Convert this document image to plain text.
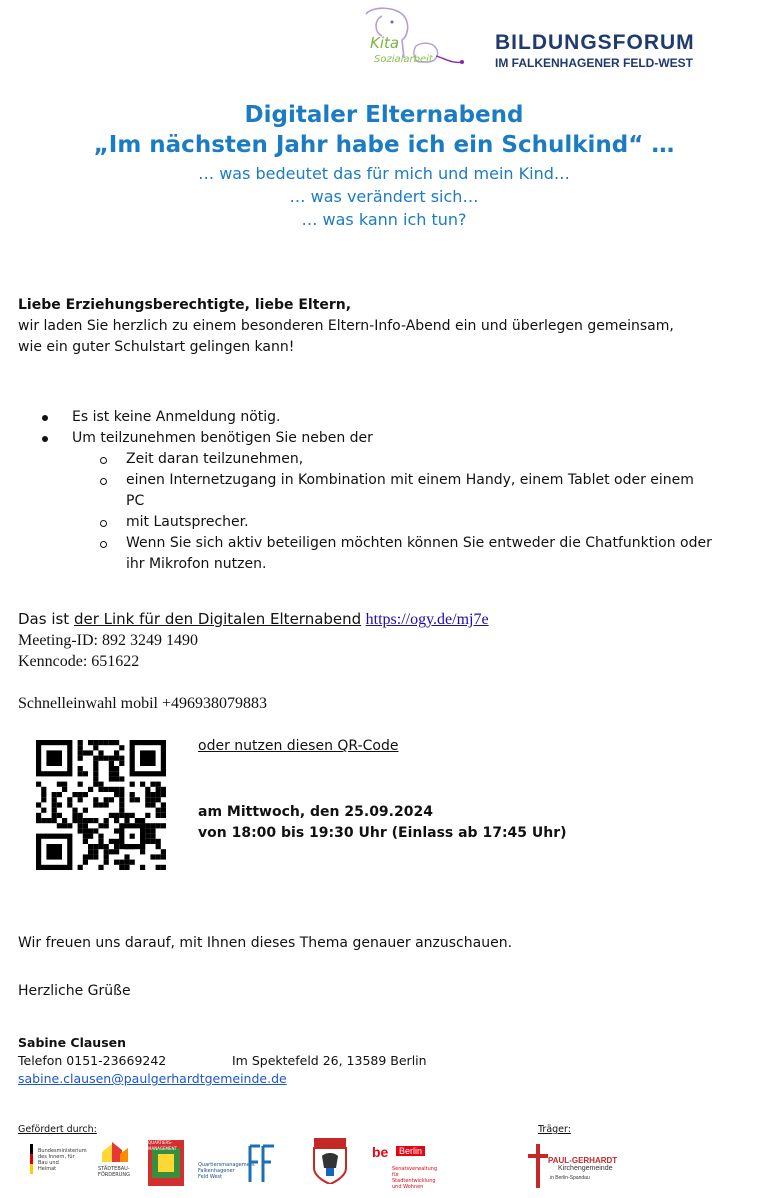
Kita
Sozialarbeit
BILDUNGSFORUM
IM FALKENHAGENER FELD-WEST
Digitaler Elternabend
„Im nächsten Jahr habe ich ein Schulkind“ …
… was bedeutet das für mich und mein Kind…
… was verändert sich…
… was kann ich tun?
Liebe Erziehungsberechtigte, liebe Eltern,
wir laden Sie herzlich zu einem besonderen Eltern-Info-Abend ein und überlegen gemeinsam,
wie ein guter Schulstart gelingen kann!
Es ist keine Anmeldung nötig.
Um teilzunehmen benötigen Sie neben der
Zeit daran teilzunehmen,
einen Internetzugang in Kombination mit einem Handy, einem Tablet oder einem
PC
mit Lautsprecher.
Wenn Sie sich aktiv beteiligen möchten können Sie entweder die Chatfunktion oder
ihr Mikrofon nutzen.
Das ist der Link für den Digitalen Elternabend https://ogy.de/mj7e
Meeting-ID: 892 3249 1490
Kenncode: 651622
Schnelleinwahl mobil +496938079883
oder nutzen diesen QR-Code
am Mittwoch, den 25.09.2024
von 18:00 bis 19:30 Uhr (Einlass ab 17:45 Uhr)
Wir freuen uns darauf, mit Ihnen dieses Thema genauer anzuschauen.
Herzliche Grüße
Sabine Clausen
Telefon 0151-23669242	Im Spektefeld 26, 13589 Berlin
sabine.clausen@paulgerhardtgemeinde.de
Gefördert durch:	Träger:
Bundesministerium des Innern, für Bau und Heimat	STÄDTEBAU-FÖRDERUNG
QUARTIERS-MANAGEMENT
Quartiersmanagement Falkenhagener Feld West
be	Berlin
Senatsverwaltung für Stadtentwicklung und Wohnen
PAUL-GERHARDT
Kirchengemeinde
in Berlin-Spandau
